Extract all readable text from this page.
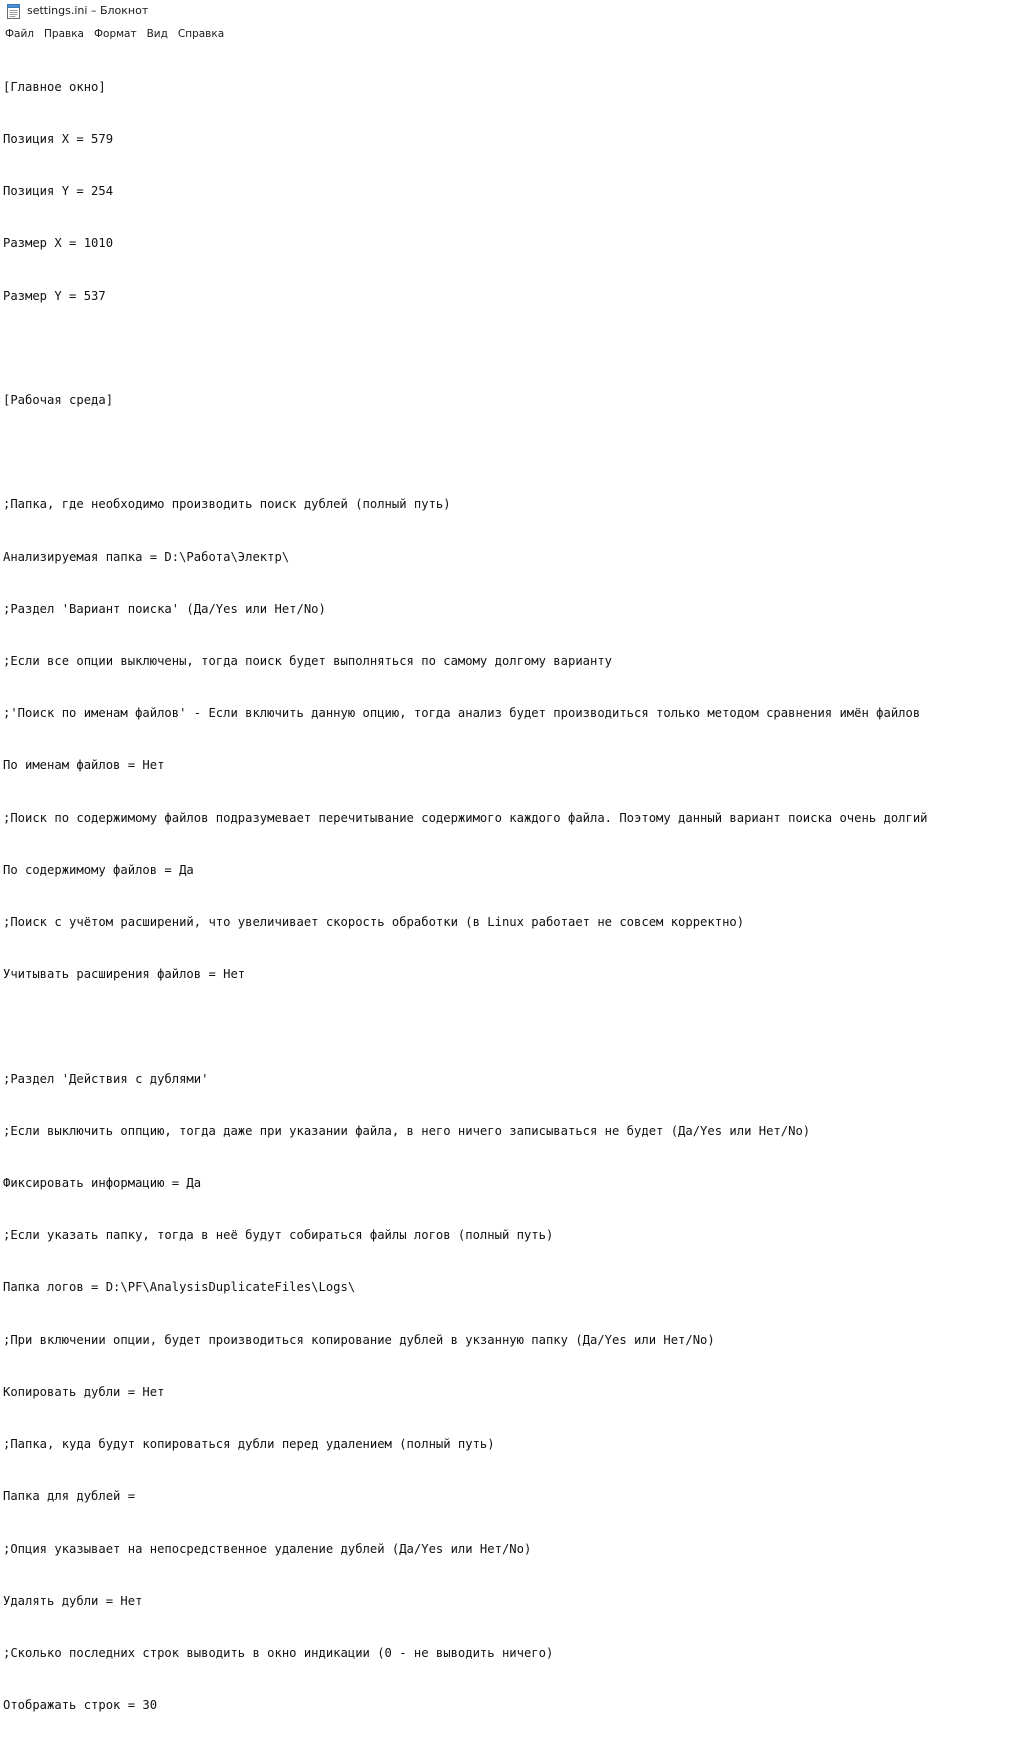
settings.ini – Блокнот
Файл Правка Формат Вид Справка

[Главное окно]

Позиция X = 579

Позиция Y = 254

Размер X = 1010

Размер Y = 537

[Рабочая среда]

;Папка, где необходимо производить поиск дублей (полный путь)

Анализируемая папка = D:\Работа\Электр\

;Раздел 'Вариант поиска' (Да/Yes или Нет/No)

;Если все опции выключены, тогда поиск будет выполняться по самому долгому варианту

;'Поиск по именам файлов' - Если включить данную опцию, тогда анализ будет производиться только методом сравнения имён файлов

По именам файлов = Нет

;Поиск по содержимому файлов подразумевает перечитывание содержимого каждого файла. Поэтому данный вариант поиска очень долгий

По содержимому файлов = Да

;Поиск с учётом расширений, что увеличивает скорость обработки (в Linux работает не совсем корректно)

Учитывать расширения файлов = Нет

;Раздел 'Действия с дублями'

;Если выключить оппцию, тогда даже при указании файла, в него ничего записываться не будет (Да/Yes или Нет/No)

Фиксировать информацию = Да

;Если указать папку, тогда в неё будут собираться файлы логов (полный путь)

Папка логов = D:\PF\AnalysisDuplicateFiles\Logs\

;При включении опции, будет производиться копирование дублей в укзанную папку (Да/Yes или Нет/No)

Копировать дубли = Нет

;Папка, куда будут копироваться дубли перед удалением (полный путь)

Папка для дублей =

;Опция указывает на непосредственное удаление дублей (Да/Yes или Нет/No)

Удалять дубли = Нет

;Сколько последних строк выводить в окно индикации (0 - не выводить ничего)

Отображать строк = 30
